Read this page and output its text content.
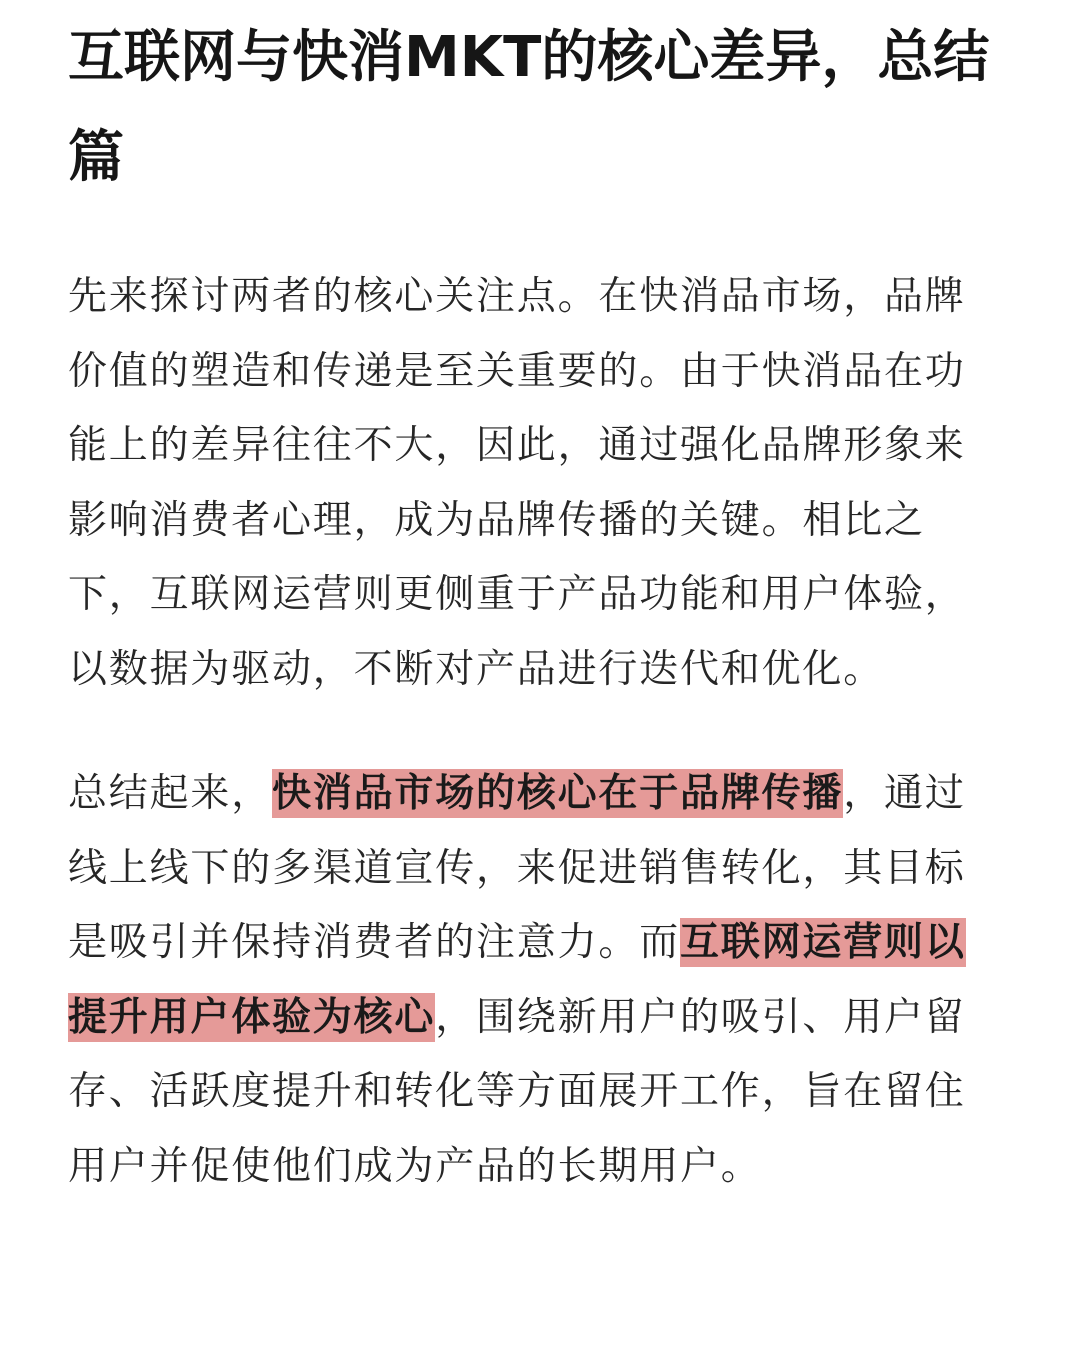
互联网与快消MKT的核心差异，总结篇

先来探讨两者的核心关注点。在快消品市场，品牌价值的塑造和传递是至关重要的。由于快消品在功能上的差异往往不大，因此，通过强化品牌形象来影响消费者心理，成为品牌传播的关键。相比之下，互联网运营则更侧重于产品功能和用户体验，以数据为驱动，不断对产品进行迭代和优化。

总结起来，快消品市场的核心在于品牌传播，通过线上线下的多渠道宣传，来促进销售转化，其目标是吸引并保持消费者的注意力。而互联网运营则以提升用户体验为核心，围绕新用户的吸引、用户留存、活跃度提升和转化等方面展开工作，旨在留住用户并促使他们成为产品的长期用户。
